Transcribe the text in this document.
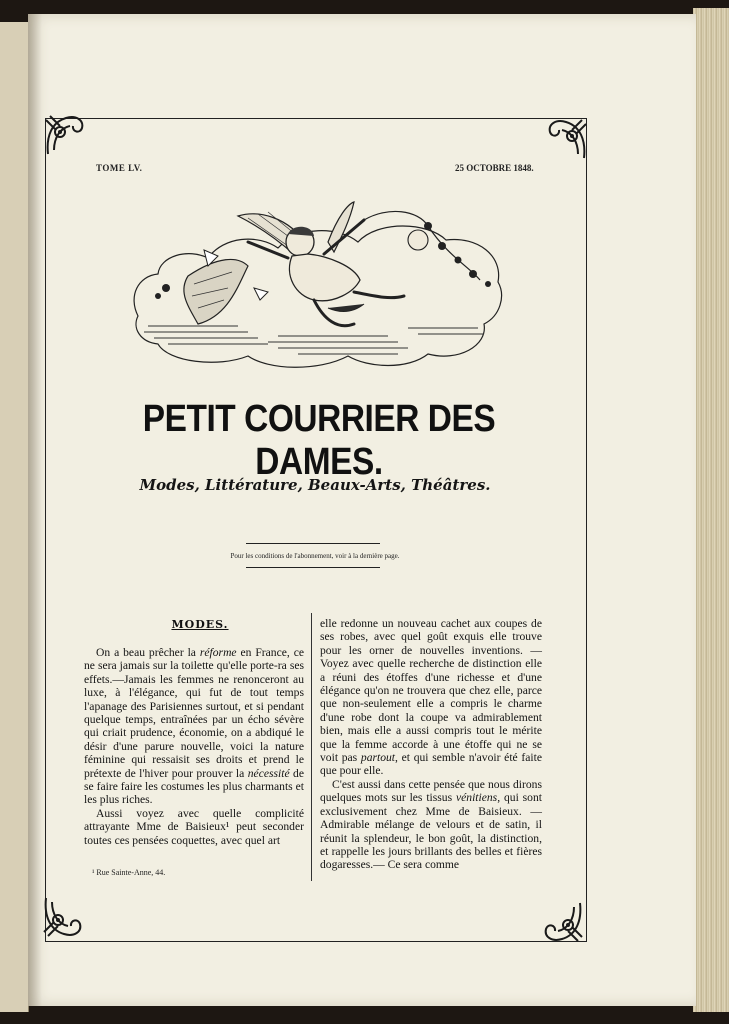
TOME LV.	25 OCTOBRE 1848.
PETIT COURRIER DES DAMES.
Modes, Littérature, Beaux-Arts, Théâtres.
Pour les conditions de l'abonnement, voir à la dernière page.
MODES.

On a beau prêcher la réforme en France, ce ne sera jamais sur la toilette qu'elle porte-ra ses effets.—Jamais les femmes ne renonceront au luxe, à l'élégance, qui fut de tout temps l'apanage des Parisiennes surtout, et si pendant quelque temps, entraînées par un écho sévère qui criait prudence, économie, on a abdiqué le désir d'une parure nouvelle, voici la nature féminine qui ressaisit ses droits et prend le prétexte de l'hiver pour prouver la nécessité de se faire faire les costumes les plus charmants et les plus riches.

Aussi voyez avec quelle complicité attrayante Mme de Baisieux¹ peut seconder toutes ces pensées coquettes, avec quel art

¹ Rue Sainte-Anne, 44.

elle redonne un nouveau cachet aux coupes de ses robes, avec quel goût exquis elle trouve pour les orner de nouvelles inventions. — Voyez avec quelle recherche de distinction elle a réuni des étoffes d'une richesse et d'une élégance qu'on ne trouvera que chez elle, parce que non-seulement elle a compris le charme d'une robe dont la coupe va admirablement bien, mais elle a aussi compris tout le mérite que la femme accorde à une étoffe qui ne se voit pas partout, et qui semble n'avoir été faite que pour elle.

C'est aussi dans cette pensée que nous dirons quelques mots sur les tissus vénitiens, qui sont exclusivement chez Mme de Baisieux. —Admirable mélange de velours et de satin, il réunit la splendeur, le bon goût, la distinction, et rappelle les jours brillants des belles et fières dogaresses.— Ce sera comme
